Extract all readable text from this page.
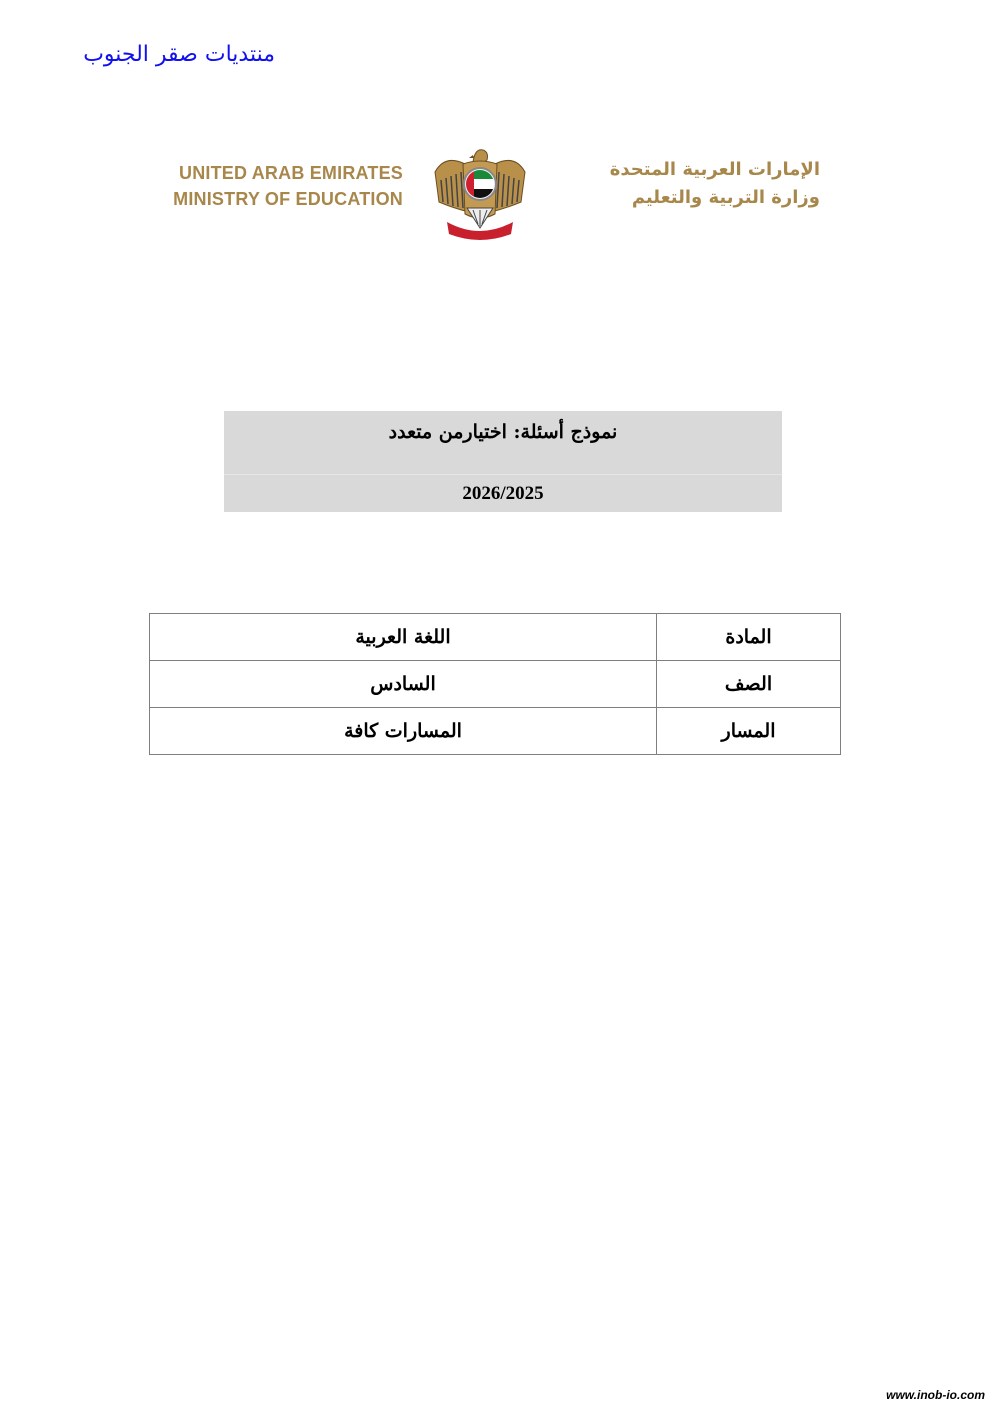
منتديات صقر الجنوب
UNITED ARAB EMIRATES
MINISTRY OF EDUCATION
الإمارات العربية المتحدة
وزارة التربية والتعليم
نموذج أسئلة: اختيارمن متعدد
2026/2025
المادة	اللغة العربية
الصف	السادس
المسار	المسارات كافة
www.inob-io.com
